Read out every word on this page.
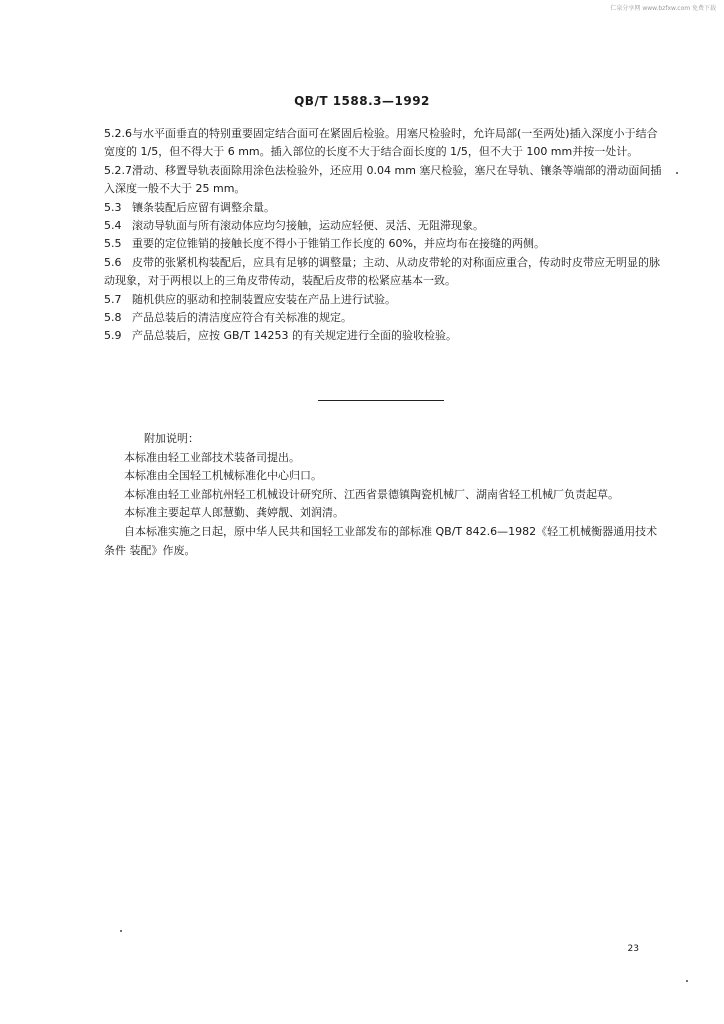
仁泉分享网 www.bzfxw.com 免费下载
QB/T 1588.3—1992

5.2.6与水平面垂直的特别重要固定结合面可在紧固后检验。用塞尺检验时，允许局部(一至两处)插入深度小于结合宽度的 1/5，但不得大于 6 mm。插入部位的长度不大于结合面长度的 1/5，但不大于 100 mm并按一处计。

5.2.7滑动、移置导轨表面除用涂色法检验外，还应用 0.04 mm 塞尺检验，塞尺在导轨、镶条等端部的滑动面间插入深度一般不大于 25 mm。

5.3 镶条装配后应留有调整余量。

5.4 滚动导轨面与所有滚动体应均匀接触，运动应轻便、灵活、无阻滞现象。

5.5 重要的定位锥销的接触长度不得小于锥销工作长度的 60%，并应均布在接缝的两侧。

5.6 皮带的张紧机构装配后，应具有足够的调整量；主动、从动皮带轮的对称面应重合，传动时皮带应无明显的脉动现象，对于两根以上的三角皮带传动，装配后皮带的松紧应基本一致。

5.7 随机供应的驱动和控制装置应安装在产品上进行试验。

5.8 产品总装后的清洁度应符合有关标准的规定。

5.9 产品总装后，应按 GB/T 14253 的有关规定进行全面的验收检验。

附加说明：

本标准由轻工业部技术装备司提出。

本标准由全国轻工机械标准化中心归口。

本标准由轻工业部杭州轻工机械设计研究所、江西省景德镇陶瓷机械厂、湖南省轻工机械厂负责起草。

本标准主要起草人郎慧勤、龚婷靓、刘润清。

自本标准实施之日起，原中华人民共和国轻工业部发布的部标准 QB/T 842.6—1982《轻工机械衡器通用技术条件 装配》作废。

23
